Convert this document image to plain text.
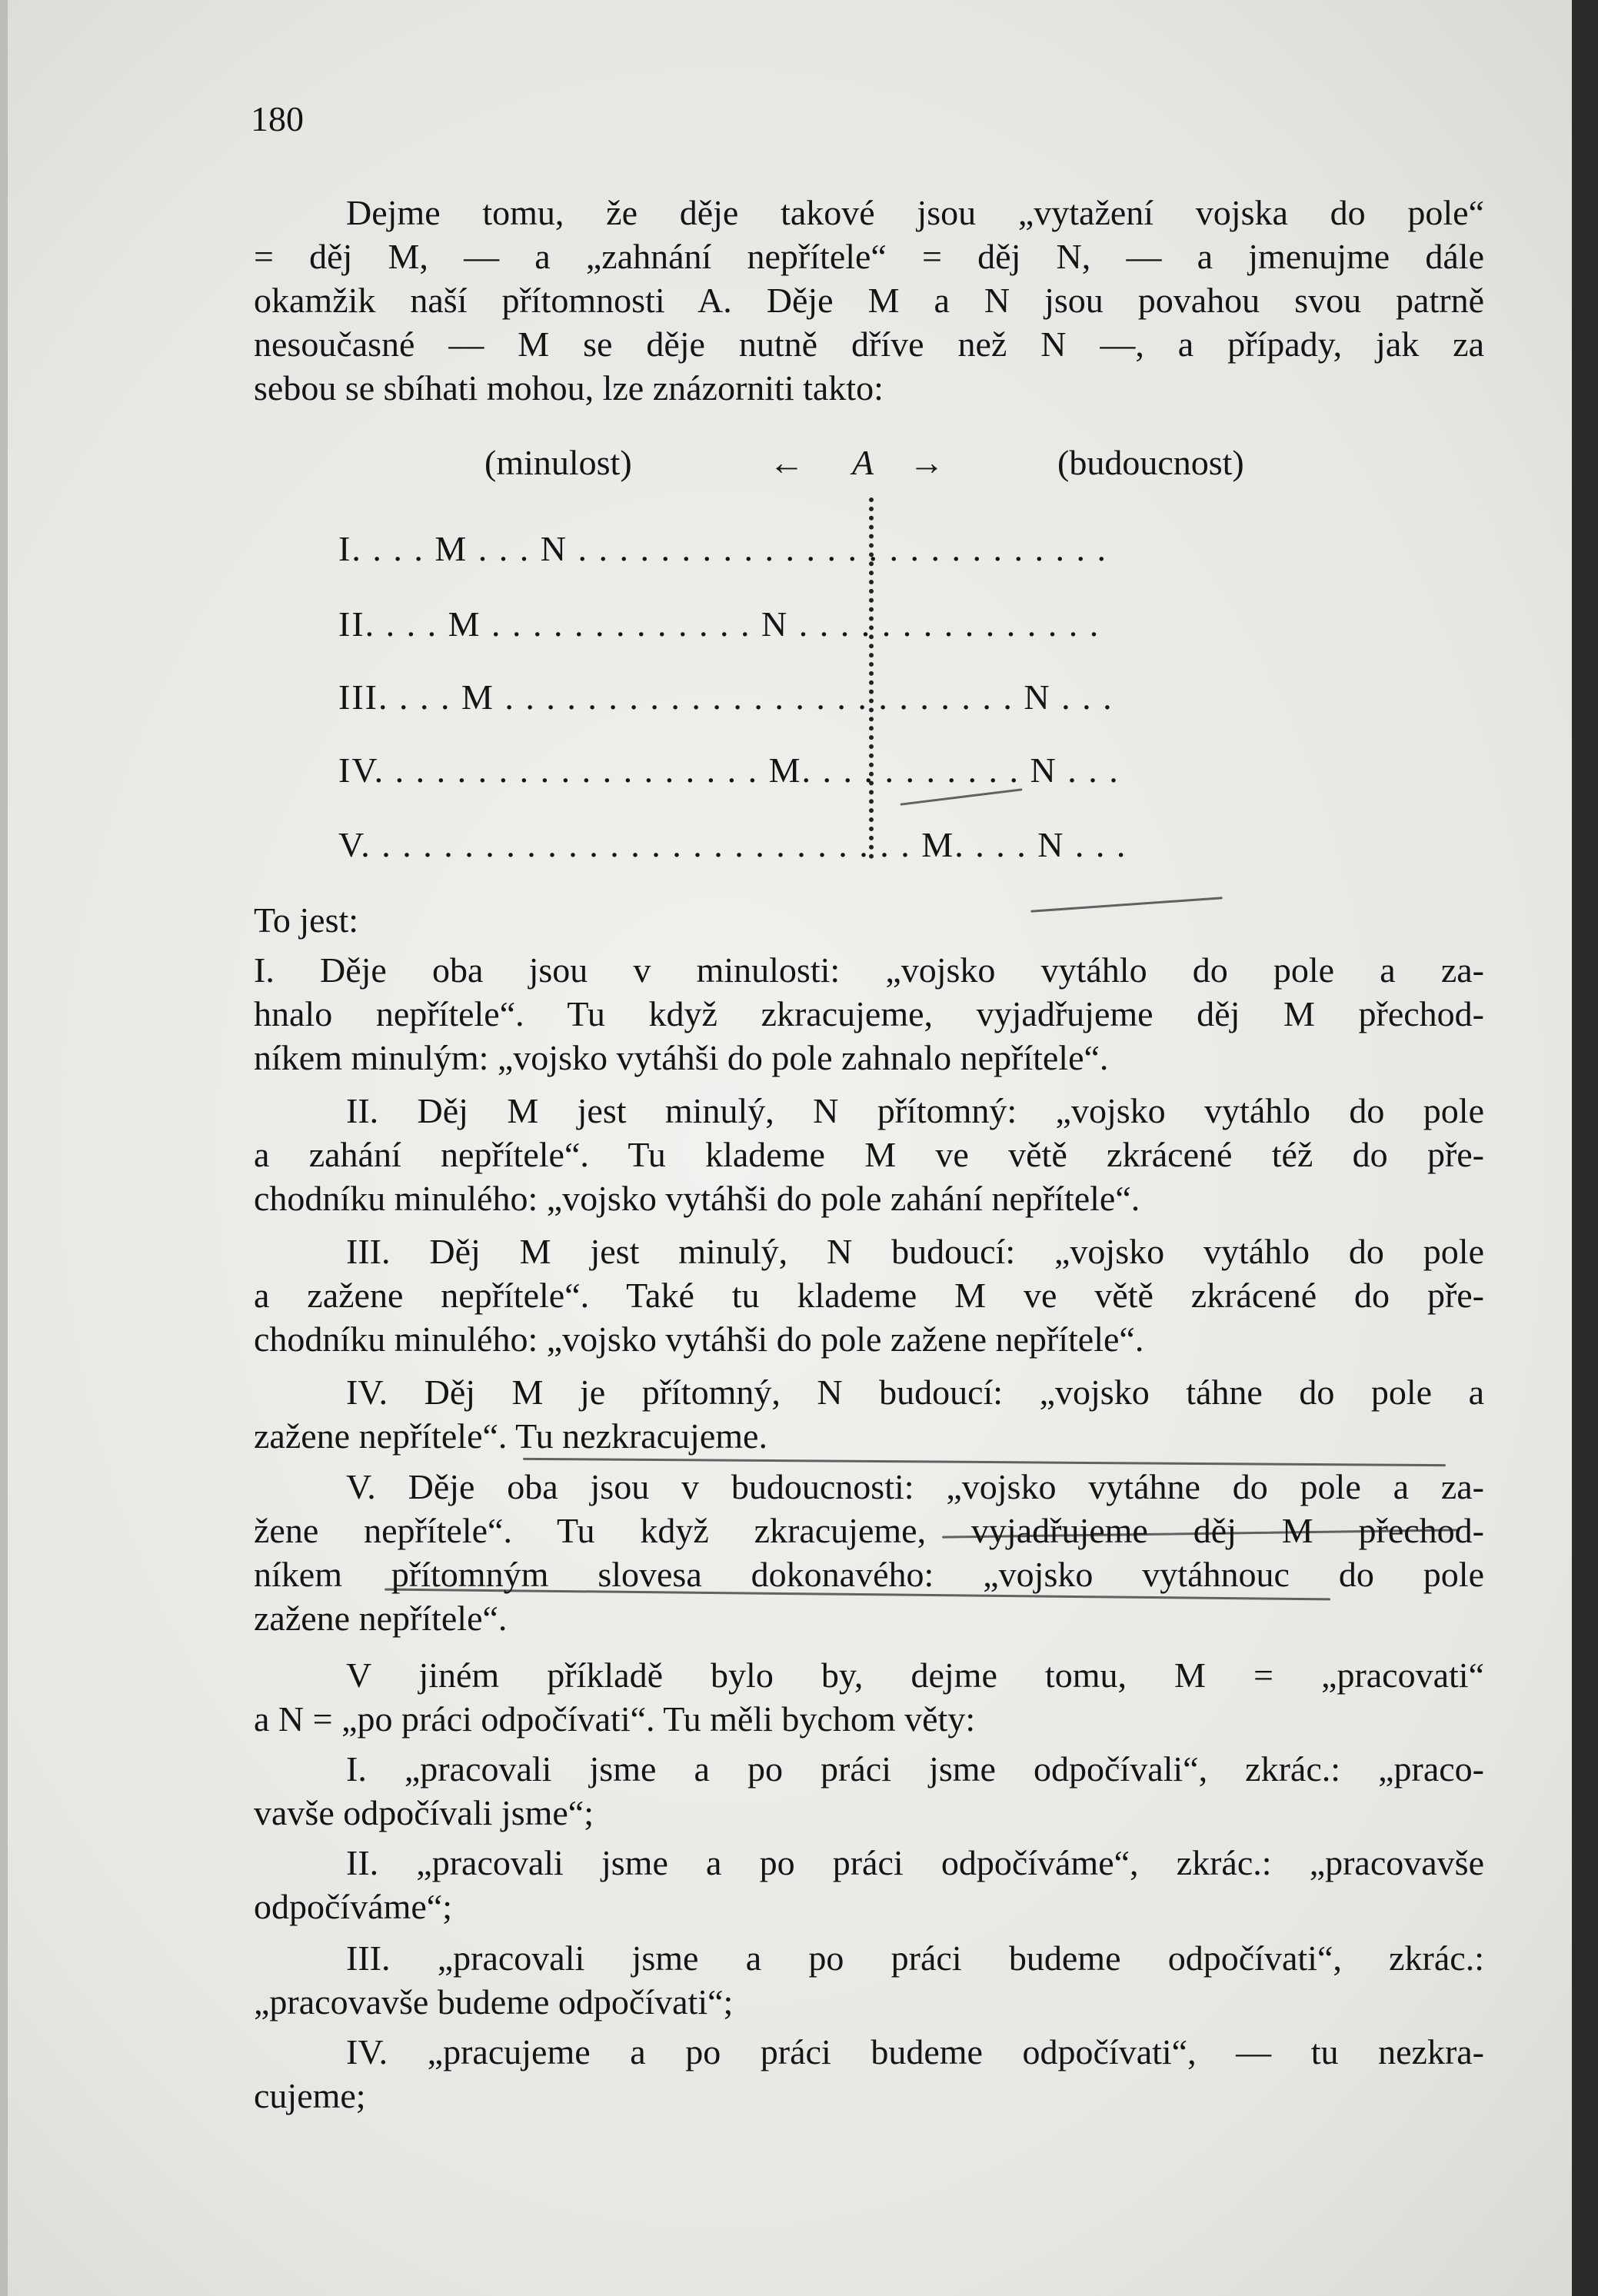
180
Dejme tomu, že děje takové jsou „vytažení vojska do pole“
= děj M, — a „zahnání nepřítele“ = děj N, — a jmenujme dále
okamžik naší přítomnosti A. Děje M a N jsou povahou svou patrně
nesoučasné — M se děje nutně dříve než N —, a případy, jak za
sebou se sbíhati mohou, lze znázorniti takto:
(minulost)	← A →	(budoucnost)
I. . . . M . . . N . . . . . . . . . . . . . . . . . . . . . . . . . .
II. . . . M . . . . . . . . . . . . . N . . . . . . . . . . . . . . .
III. . . . M . . . . . . . . . . . . . . . . . . . . . . . . . N . . .
IV. . . . . . . . . . . . . . . . . . . M. . . . . . . . . . . N . . .
V. . . . . . . . . . . . . . . . . . . . . . . . . . . M. . . . N . . .
To jest:
I. Děje oba jsou v minulosti: „vojsko vytáhlo do pole a za-
hnalo nepřítele“. Tu když zkracujeme, vyjadřujeme děj M přechod-
níkem minulým: „vojsko vytáhši do pole zahnalo nepřítele“.
II. Děj M jest minulý, N přítomný: „vojsko vytáhlo do pole
a zahání nepřítele“. Tu klademe M ve větě zkrácené též do pře-
chodníku minulého: „vojsko vytáhši do pole zahání nepřítele“.
III. Děj M jest minulý, N budoucí: „vojsko vytáhlo do pole
a zažene nepřítele“. Také tu klademe M ve větě zkrácené do pře-
chodníku minulého: „vojsko vytáhši do pole zažene nepřítele“.
IV. Děj M je přítomný, N budoucí: „vojsko táhne do pole a
zažene nepřítele“. Tu nezkracujeme.
V. Děje oba jsou v budoucnosti: „vojsko vytáhne do pole a za-
žene nepřítele“. Tu když zkracujeme, vyjadřujeme děj M přechod-
níkem přítomným slovesa dokonavého: „vojsko vytáhnouc do pole
zažene nepřítele“.
V jiném příkladě bylo by, dejme tomu, M = „pracovati“
a N = „po práci odpočívati“. Tu měli bychom věty:
I. „pracovali jsme a po práci jsme odpočívali“, zkrác.: „praco-
vavše odpočívali jsme“;
II. „pracovali jsme a po práci odpočíváme“, zkrác.: „pracovavše
odpočíváme“;
III. „pracovali jsme a po práci budeme odpočívati“, zkrác.:
„pracovavše budeme odpočívati“;
IV. „pracujeme a po práci budeme odpočívati“, — tu nezkra-
cujeme;
